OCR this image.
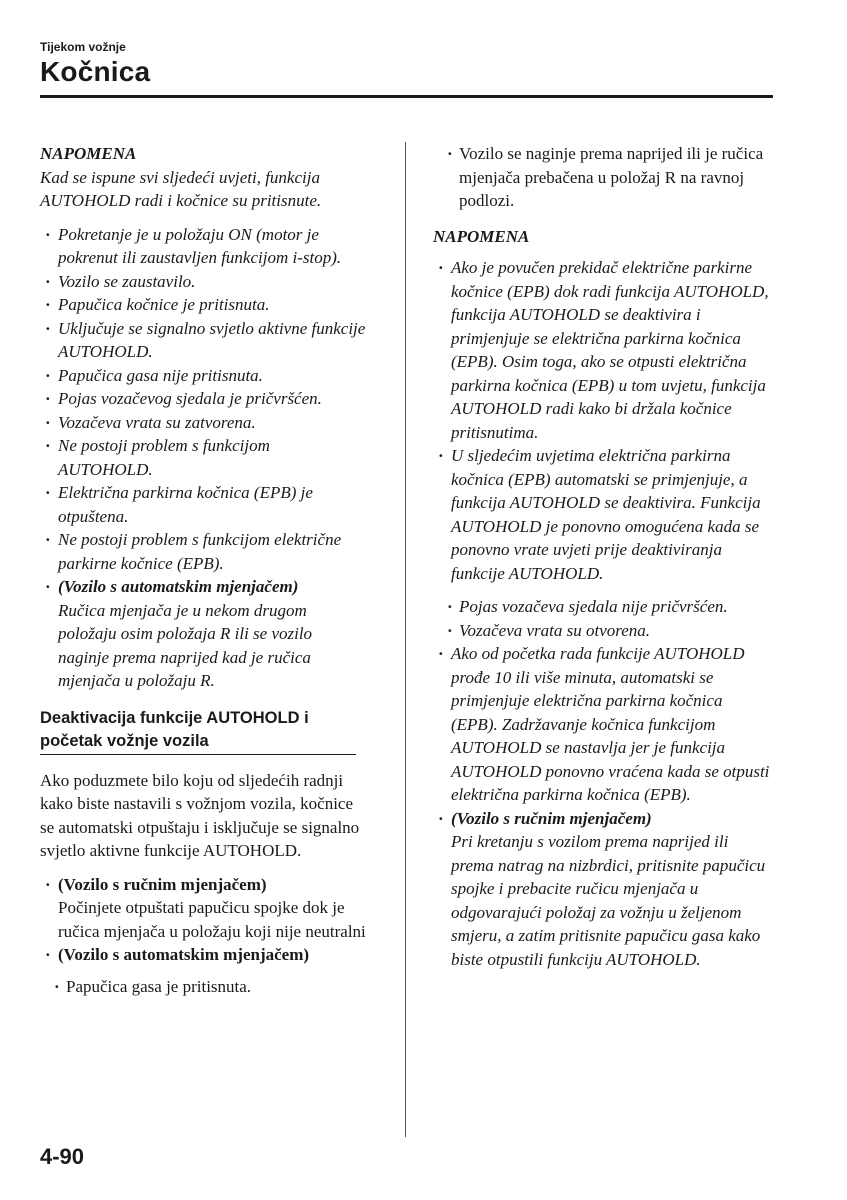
Tijekom vožnje
Kočnica
NAPOMENA

Kad se ispune svi sljedeći uvjeti, funkcija AUTOHOLD radi i kočnice su pritisnute.

· Pokretanje je u položaju ON (motor je pokrenut ili zaustavljen funkcijom i-stop).
· Vozilo se zaustavilo.
· Papučica kočnice je pritisnuta.
· Uključuje se signalno svjetlo aktivne funkcije AUTOHOLD.
· Papučica gasa nije pritisnuta.
· Pojas vozačevog sjedala je pričvršćen.
· Vozačeva vrata su zatvorena.
· Ne postoji problem s funkcijom AUTOHOLD.
· Električna parkirna kočnica (EPB) je otpuštena.
· Ne postoji problem s funkcijom električne parkirne kočnice (EPB).
· (Vozilo s automatskim mjenjačem)
Ručica mjenjača je u nekom drugom položaju osim položaja R ili se vozilo naginje prema naprijed kad je ručica mjenjača u položaju R.
Deaktivacija funkcije AUTOHOLD i početak vožnje vozila

Ako poduzmete bilo koju od sljedećih radnji kako biste nastavili s vožnjom vozila, kočnice se automatski otpuštaju i isključuje se signalno svjetlo aktivne funkcije AUTOHOLD.

· (Vozilo s ručnim mjenjačem)
Počinjete otpuštati papučicu spojke dok je ručica mjenjača u položaju koji nije neutralni
· (Vozilo s automatskim mjenjačem)
· Papučica gasa je pritisnuta.
· Vozilo se naginje prema naprijed ili je ručica mjenjača prebačena u položaj R na ravnoj podlozi.
NAPOMENA
· Ako je povučen prekidač električne parkirne kočnice (EPB) dok radi funkcija AUTOHOLD, funkcija AUTOHOLD se deaktivira i primjenjuje se električna parkirna kočnica (EPB). Osim toga, ako se otpusti električna parkirna kočnica (EPB) u tom uvjetu, funkcija AUTOHOLD radi kako bi držala kočnice pritisnutima.
· U sljedećim uvjetima električna parkirna kočnica (EPB) automatski se primjenjuje, a funkcija AUTOHOLD se deaktivira. Funkcija AUTOHOLD je ponovno omogućena kada se ponovno vrate uvjeti prije deaktiviranja funkcije AUTOHOLD.
· Pojas vozačeva sjedala nije pričvršćen.
· Vozačeva vrata su otvorena.
· Ako od početka rada funkcije AUTOHOLD prođe 10 ili više minuta, automatski se primjenjuje električna parkirna kočnica (EPB). Zadržavanje kočnica funkcijom AUTOHOLD se nastavlja jer je funkcija AUTOHOLD ponovno vraćena kada se otpusti električna parkirna kočnica (EPB).
· (Vozilo s ručnim mjenjačem)
Pri kretanju s vozilom prema naprijed ili prema natrag na nizbrdici, pritisnite papučicu spojke i prebacite ručicu mjenjača u odgovarajući položaj za vožnju u željenom smjeru, a zatim pritisnite papučicu gasa kako biste otpustili funkciju AUTOHOLD.
4-90
